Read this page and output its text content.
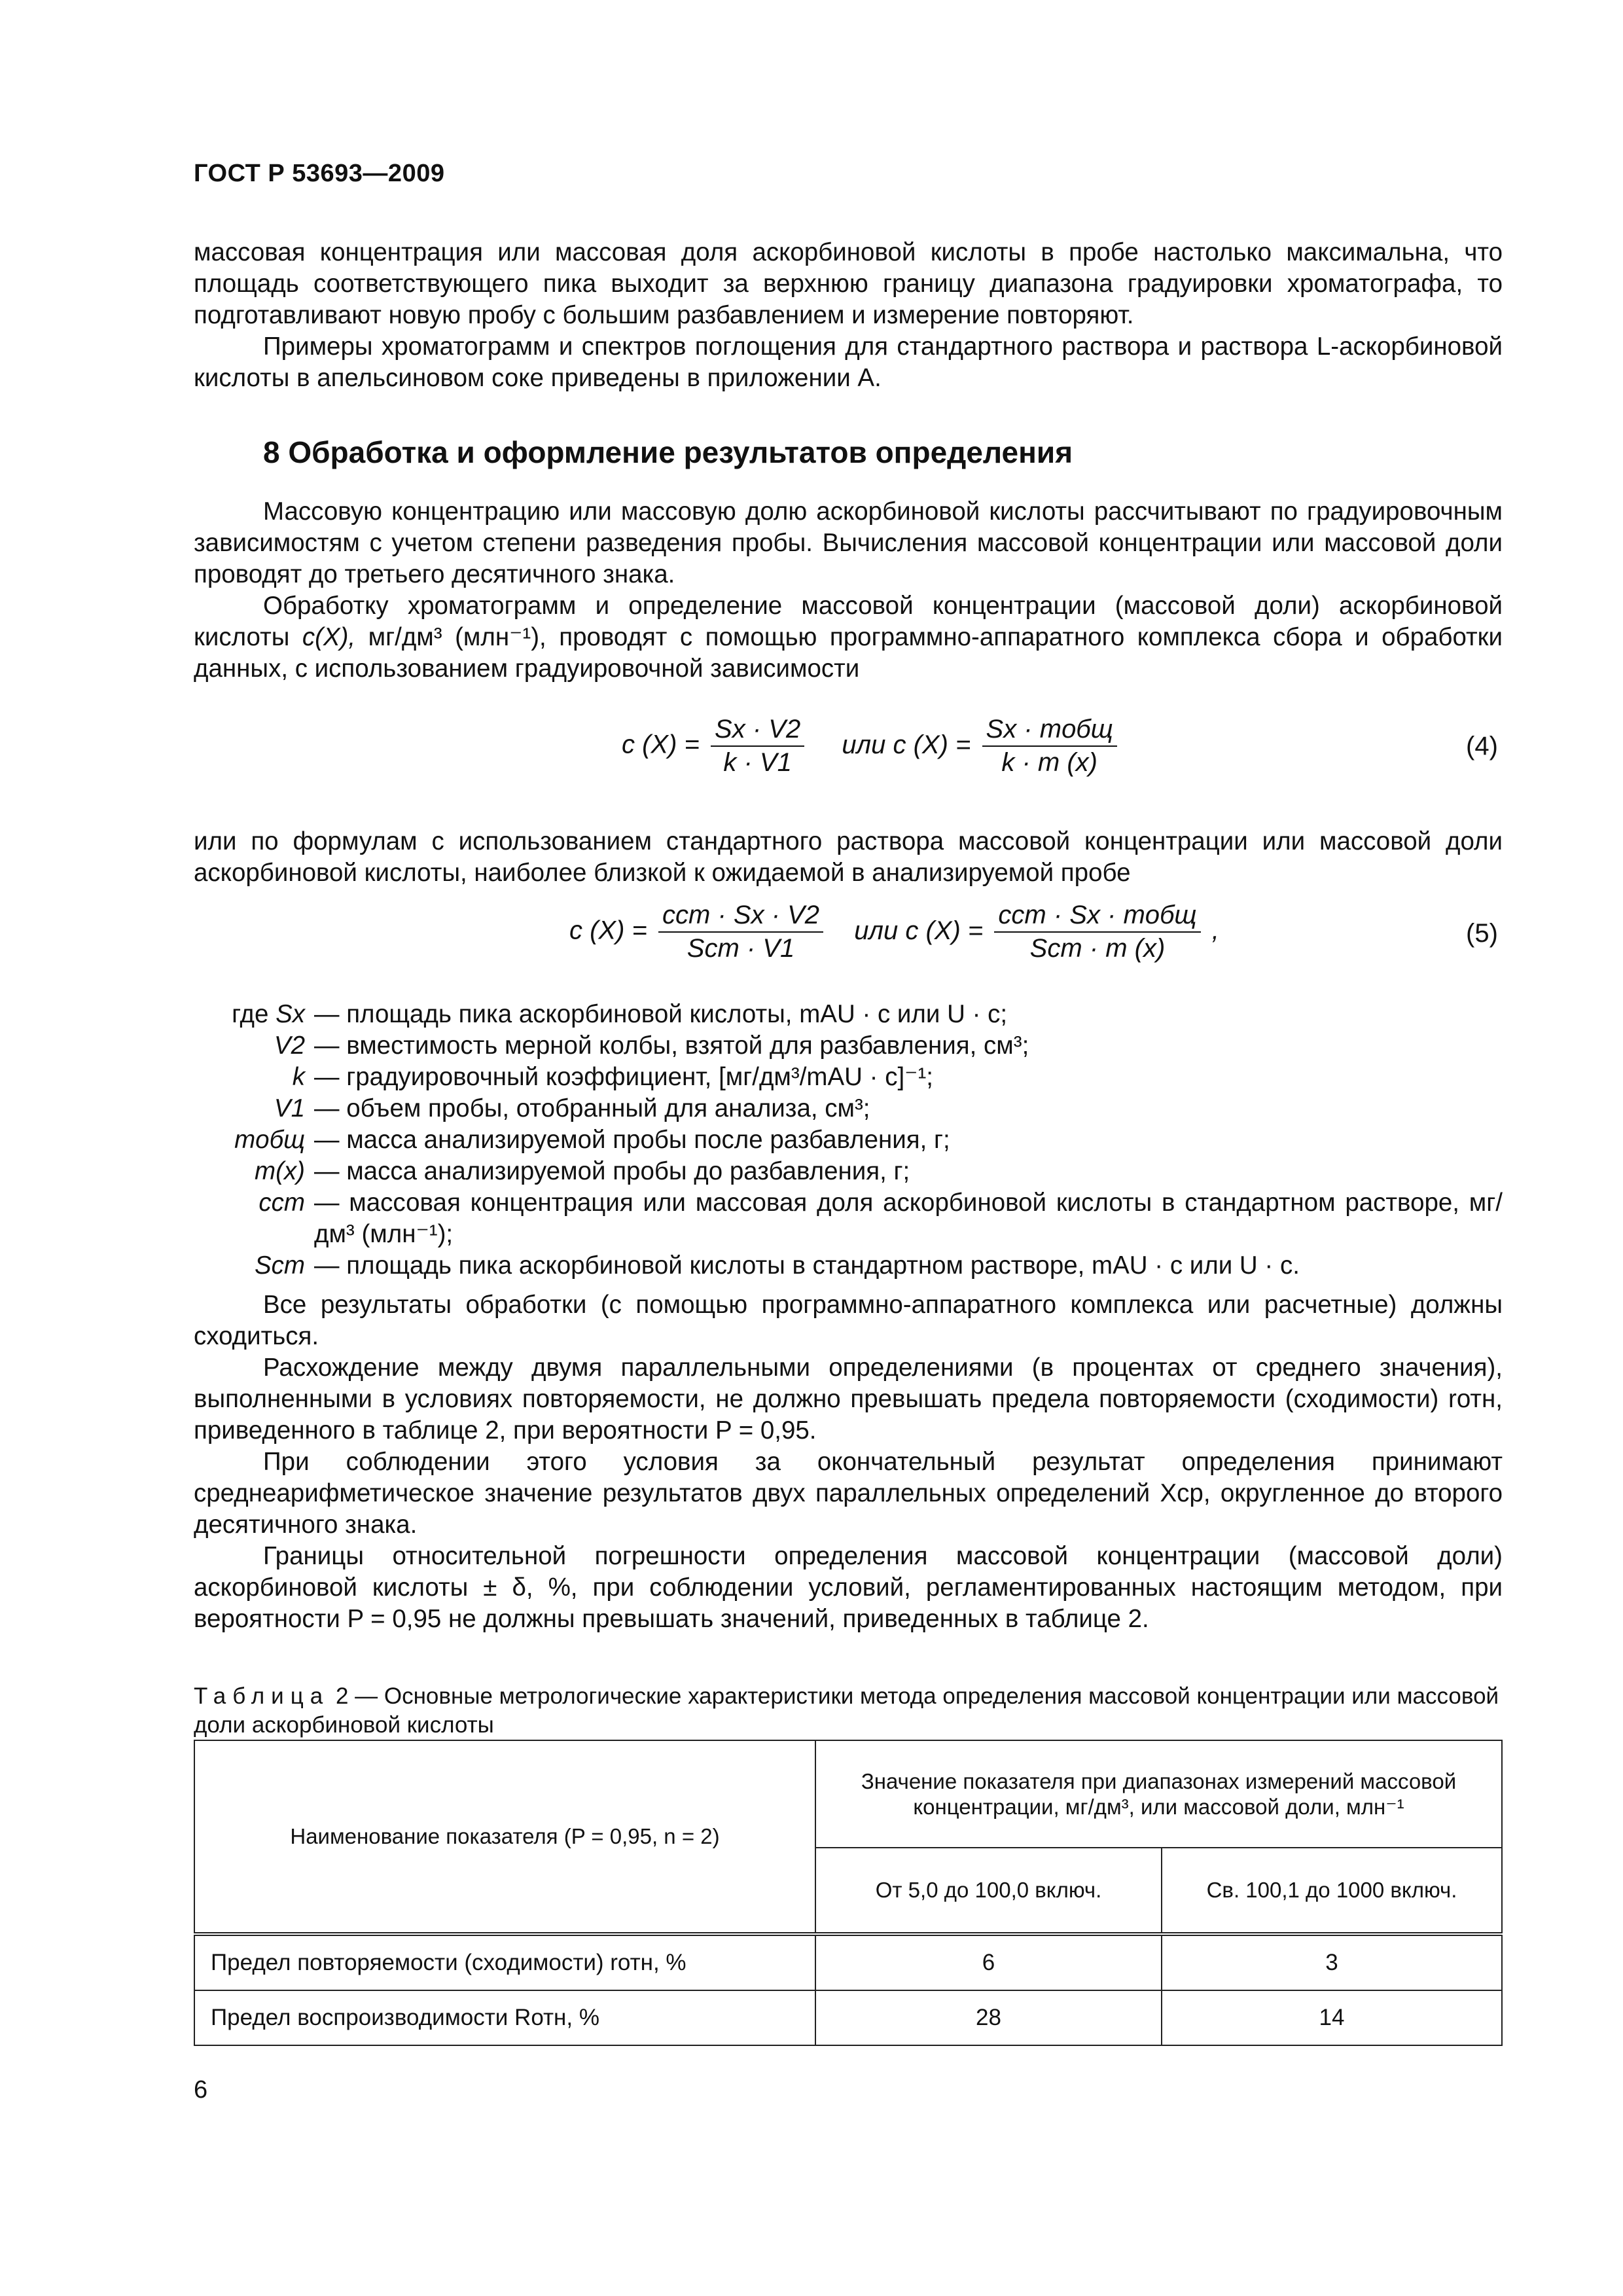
ГОСТ Р 53693—2009

массовая концентрация или массовая доля аскорбиновой кислоты в пробе настолько максимальна, что площадь соответствующего пика выходит за верхнюю границу диапазона градуировки хроматографа, то подготавливают новую пробу с большим разбавлением и измерение повторяют.

Примеры хроматограмм и спектров поглощения для стандартного раствора и раствора L-аскорбиновой кислоты в апельсиновом соке приведены в приложении А.

8 Обработка и оформление результатов определения

Массовую концентрацию или массовую долю аскорбиновой кислоты рассчитывают по градуировочным зависимостям с учетом степени разведения пробы. Вычисления массовой концентрации или массовой доли проводят до третьего десятичного знака.

Обработку хроматограмм и определение массовой концентрации (массовой доли) аскорбиновой кислоты c(X), мг/дм³ (млн⁻¹), проводят с помощью программно-аппаратного комплекса сбора и обработки данных, с использованием градуировочной зависимости

c $(X) = \frac{Sx \cdot V2}{k \cdot V1}$ или c $(X) = \frac{\text{Sx · mобщ}}{k \cdot m (x)}$	(4)

или по формулам с использованием стандартного раствора массовой концентрации или массовой доли аскорбиновой кислоты, наиболее близкой к ожидаемой в анализируемой пробе

c $(X) = \frac{\text{cст · Sx · V2}}{\text{Sст · V1}}$ или c $(X) = \frac{\text{cст · Sx · mобщ}}{\text{Sст · m (x)}}$ ,	(5)
где Sx — площадь пика аскорбиновой кислоты, mAU · с или U · с;
V2 — вместимость мерной колбы, взятой для разбавления, см³;
k — градуировочный коэффициент, [мг/дм³/mAU · с]⁻¹;
V1 — объем пробы, отобранный для анализа, см³;
mобщ — масса анализируемой пробы после разбавления, г;
m(x) — масса анализируемой пробы до разбавления, г;
cст — массовая концентрация или массовая доля аскорбиновой кислоты в стандартном растворе, мг/дм³ (млн⁻¹);
Sст — площадь пика аскорбиновой кислоты в стандартном растворе, mAU · с или U · с.

Все результаты обработки (с помощью программно-аппаратного комплекса или расчетные) должны сходиться.

Расхождение между двумя параллельными определениями (в процентах от среднего значения), выполненными в условиях повторяемости, не должно превышать предела повторяемости (сходимости) rотн, приведенного в таблице 2, при вероятности P = 0,95.

При соблюдении этого условия за окончательный результат определения принимают среднеарифметическое значение результатов двух параллельных определений Xср, округленное до второго десятичного знака.

Границы относительной погрешности определения массовой концентрации (массовой доли) аскорбиновой кислоты ± δ, %, при соблюдении условий, регламентированных настоящим методом, при вероятности P = 0,95 не должны превышать значений, приведенных в таблице 2.

Таблица 2 — Основные метрологические характеристики метода определения массовой концентрации или массовой доли аскорбиновой кислоты
Наименование показателя (P = 0,95, n = 2)	Значение показателя при диапазонах измерений массовой концентрации, мг/дм³, или массовой доли, млн⁻¹	
	От 5,0 до 100,0 включ.	Св. 100,1 до 1000 включ.
Предел повторяемости (сходимости) rотн, %	6	3
Предел воспроизводимости Rотн, %	28	14
6
